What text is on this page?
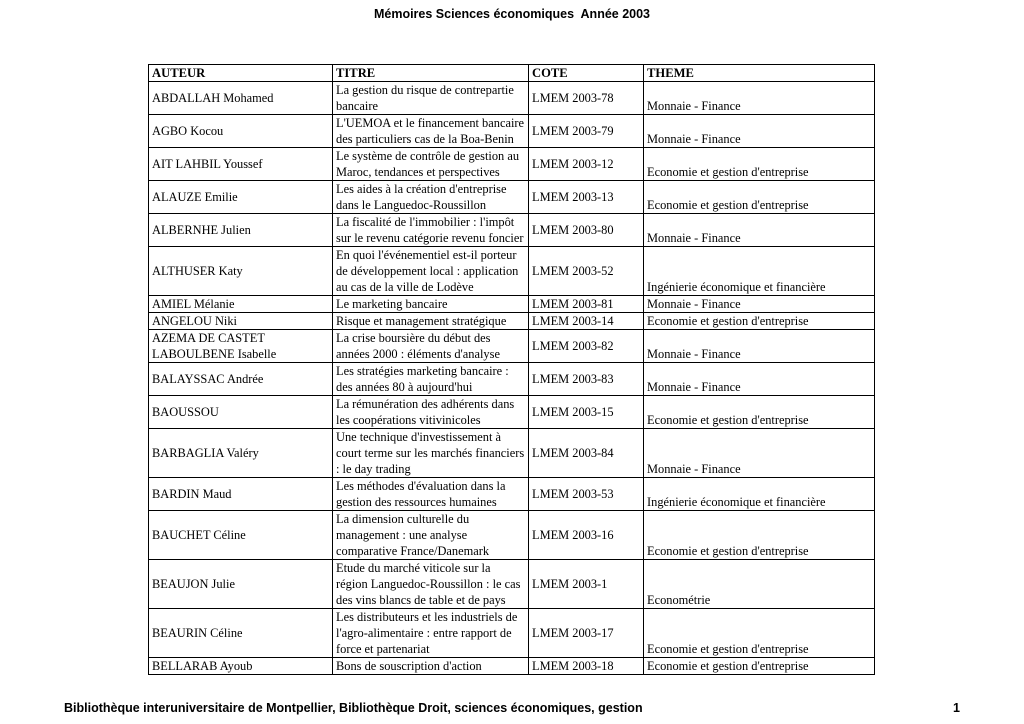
Mémoires Sciences économiques  Année 2003
AUTEUR	TITRE	COTE	THEME
ABDALLAH Mohamed	La gestion du risque de contrepartie bancaire	LMEM 2003-78	Monnaie - Finance
AGBO Kocou	L'UEMOA et le financement bancaire des particuliers cas de la Boa-Benin	LMEM 2003-79	Monnaie - Finance
AIT LAHBIL Youssef	Le système de contrôle de gestion au Maroc, tendances et perspectives	LMEM 2003-12	Economie et gestion d'entreprise
ALAUZE Emilie	Les aides à la création d'entreprise dans le Languedoc-Roussillon	LMEM 2003-13	Economie et gestion d'entreprise
ALBERNHE Julien	La fiscalité de l'immobilier : l'impôt sur le revenu catégorie revenu foncier	LMEM 2003-80	Monnaie - Finance
ALTHUSER Katy	En quoi l'événementiel est-il porteur de développement local : application au cas de la ville de Lodève	LMEM 2003-52	Ingénierie économique et financière
AMIEL Mélanie	Le marketing bancaire	LMEM 2003-81	Monnaie - Finance
ANGELOU Niki	Risque et management stratégique	LMEM 2003-14	Economie et gestion d'entreprise
AZEMA DE CASTET LABOULBENE Isabelle	La crise boursière du début des années 2000 : éléments d'analyse	LMEM 2003-82	Monnaie - Finance
BALAYSSAC Andrée	Les stratégies marketing bancaire : des années 80 à aujourd'hui	LMEM 2003-83	Monnaie - Finance
BAOUSSOU	La rémunération des adhérents dans les coopérations vitivinicoles	LMEM 2003-15	Economie et gestion d'entreprise
BARBAGLIA Valéry	Une technique d'investissement à court terme sur les marchés financiers : le day trading	LMEM 2003-84	Monnaie - Finance
BARDIN Maud	Les méthodes d'évaluation dans la gestion des ressources humaines	LMEM 2003-53	Ingénierie économique et financière
BAUCHET Céline	La dimension culturelle du management : une analyse comparative France/Danemark	LMEM 2003-16	Economie et gestion d'entreprise
BEAUJON Julie	Etude du marché viticole sur la région Languedoc-Roussillon : le cas des vins blancs de table et de pays	LMEM 2003-1	Econométrie
BEAURIN Céline	Les distributeurs et les industriels de l'agro-alimentaire : entre rapport de force et partenariat	LMEM 2003-17	Economie et gestion d'entreprise
BELLARAB Ayoub	Bons de souscription d'action	LMEM 2003-18	Economie et gestion d'entreprise
Bibliothèque interuniversitaire de Montpellier, Bibliothèque Droit, sciences économiques, gestion	1
